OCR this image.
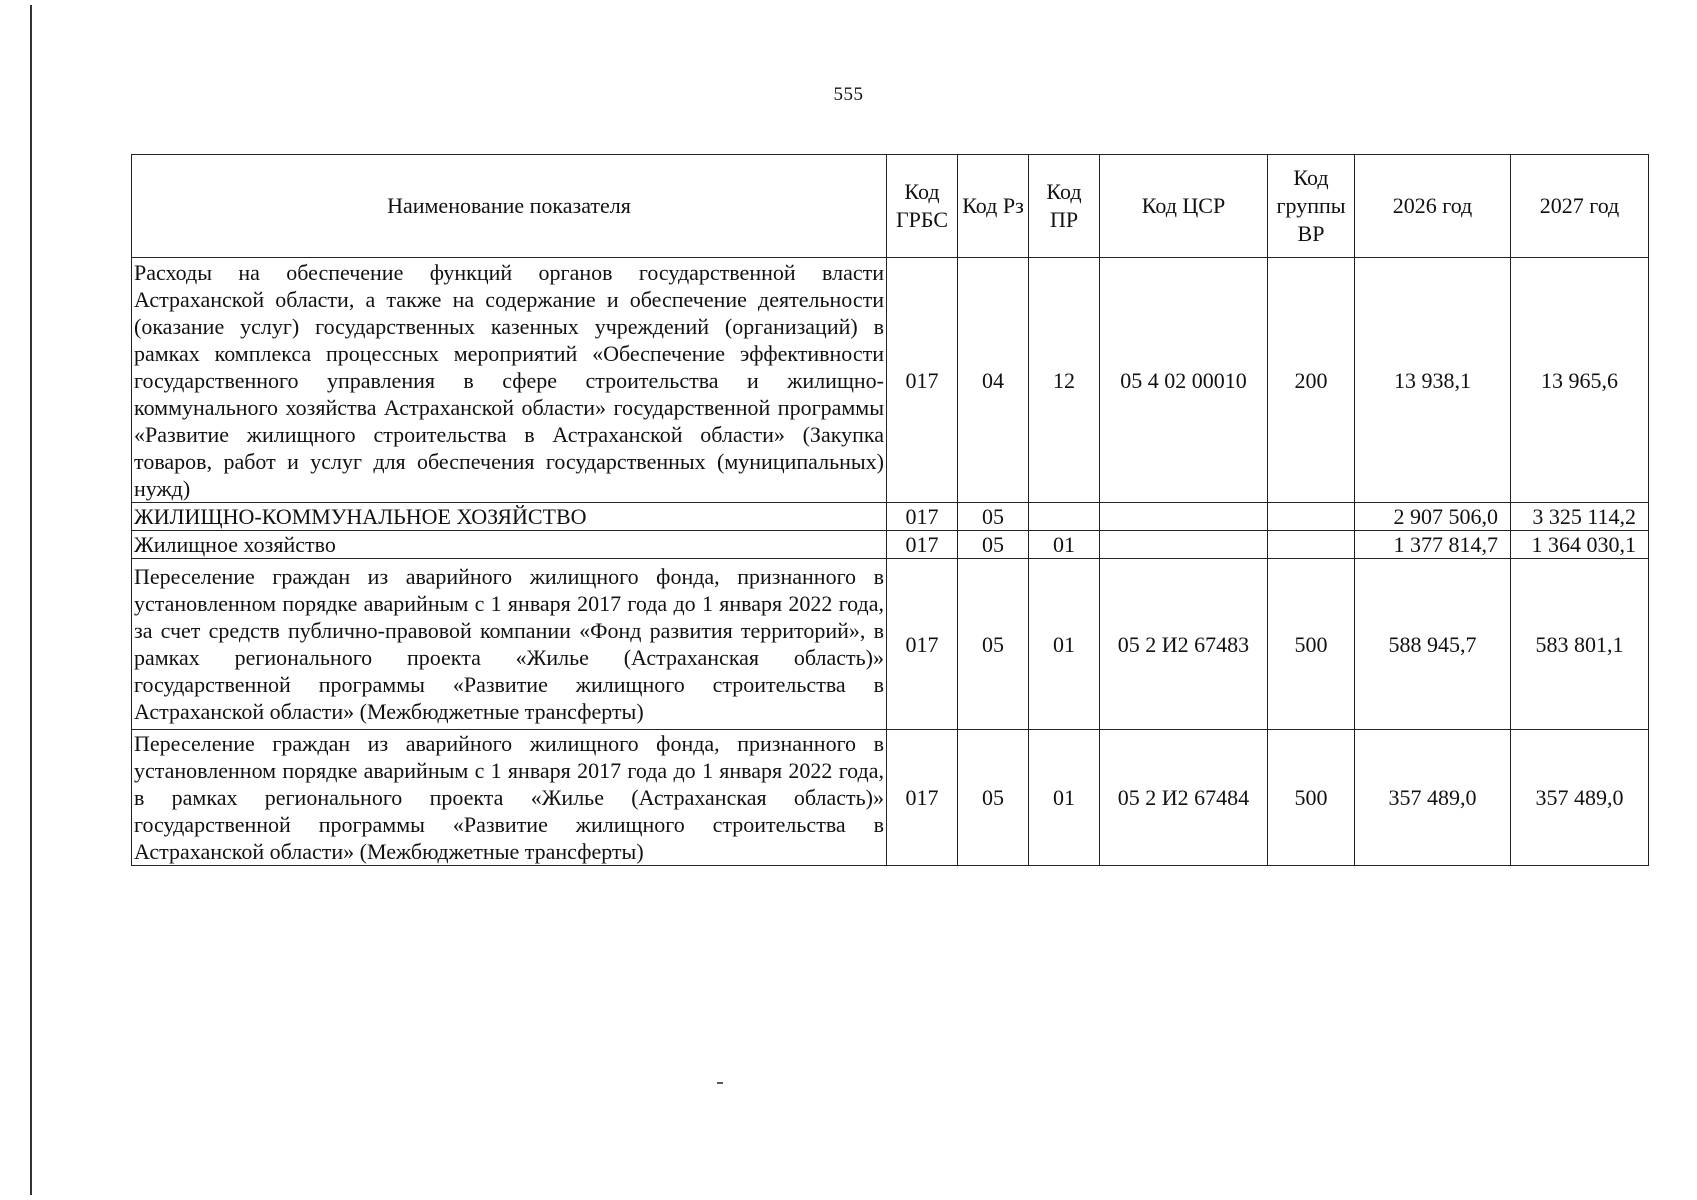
555
Наименование показателя	Код ГРБС	Код Рз	Код ПР	Код ЦСР	Код группы ВР	2026 год	2027 год
Расходы на обеспечение функций органов государственной власти Астраханской области, а также на содержание и обеспечение деятельности (оказание услуг) государственных казенных учреждений (организаций) в рамках комплекса процессных мероприятий «Обеспечение эффективности государственного управления в сфере строительства и жилищно-коммунального хозяйства Астраханской области» государственной программы «Развитие жилищного строительства в Астраханской области» (Закупка товаров, работ и услуг для обеспечения государственных (муниципальных) нужд)	017	04	12	05 4 02 00010	200	13 938,1	13 965,6
ЖИЛИЩНО-КОММУНАЛЬНОЕ ХОЗЯЙСТВО	017	05				2 907 506,0	3 325 114,2
Жилищное хозяйство	017	05	01			1 377 814,7	1 364 030,1
Переселение граждан из аварийного жилищного фонда, признанного в установленном порядке аварийным с 1 января 2017 года до 1 января 2022 года, за счет средств публично-правовой компании «Фонд развития территорий», в рамках регионального проекта «Жилье (Астраханская область)» государственной программы «Развитие жилищного строительства в Астраханской области» (Межбюджетные трансферты)	017	05	01	05 2 И2 67483	500	588 945,7	583 801,1
Переселение граждан из аварийного жилищного фонда, признанного в установленном порядке аварийным с 1 января 2017 года до 1 января 2022 года, в рамках регионального проекта «Жилье (Астраханская область)» государственной программы «Развитие жилищного строительства в Астраханской области» (Межбюджетные трансферты)	017	05	01	05 2 И2 67484	500	357 489,0	357 489,0
